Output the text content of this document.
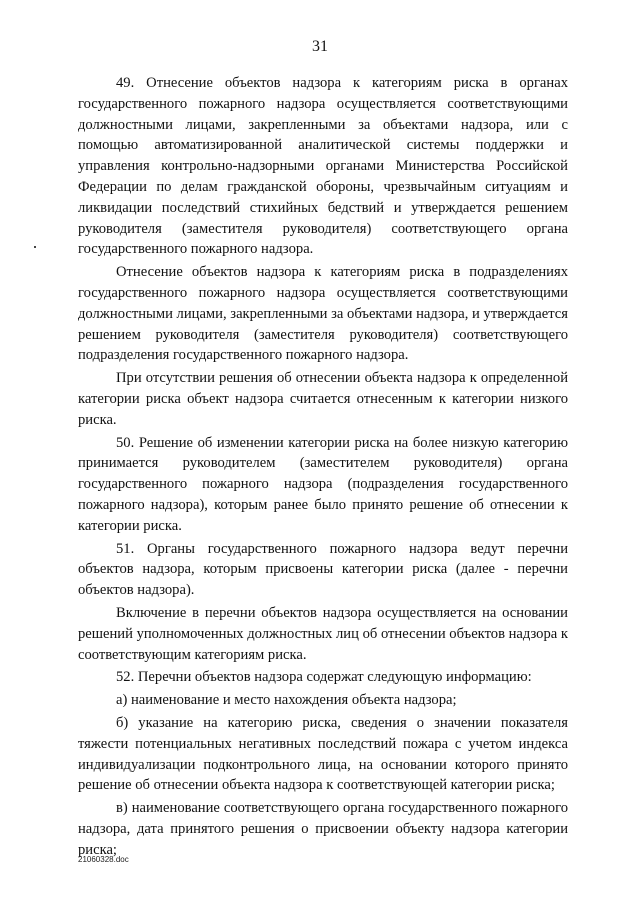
31

49. Отнесение объектов надзора к категориям риска в органах государственного пожарного надзора осуществляется соответствующими должностными лицами, закрепленными за объектами надзора, или с помощью автоматизированной аналитической системы поддержки и управления контрольно-надзорными органами Министерства Российской Федерации по делам гражданской обороны, чрезвычайным ситуациям и ликвидации последствий стихийных бедствий и утверждается решением руководителя (заместителя руководителя) соответствующего органа государственного пожарного надзора.

Отнесение объектов надзора к категориям риска в подразделениях государственного пожарного надзора осуществляется соответствующими должностными лицами, закрепленными за объектами надзора, и утверждается решением руководителя (заместителя руководителя) соответствующего подразделения государственного пожарного надзора.

При отсутствии решения об отнесении объекта надзора к определенной категории риска объект надзора считается отнесенным к категории низкого риска.

50. Решение об изменении категории риска на более низкую категорию принимается руководителем (заместителем руководителя) органа государственного пожарного надзора (подразделения государственного пожарного надзора), которым ранее было принято решение об отнесении к категории риска.

51. Органы государственного пожарного надзора ведут перечни объектов надзора, которым присвоены категории риска (далее - перечни объектов надзора).

Включение в перечни объектов надзора осуществляется на основании решений уполномоченных должностных лиц об отнесении объектов надзора к соответствующим категориям риска.

52. Перечни объектов надзора содержат следующую информацию:

а) наименование и место нахождения объекта надзора;

б) указание на категорию риска, сведения о значении показателя тяжести потенциальных негативных последствий пожара с учетом индекса индивидуализации подконтрольного лица, на основании которого принято решение об отнесении объекта надзора к соответствующей категории риска;

в) наименование соответствующего органа государственного пожарного надзора, дата принятого решения о присвоении объекту надзора категории риска;

21060328.doc
